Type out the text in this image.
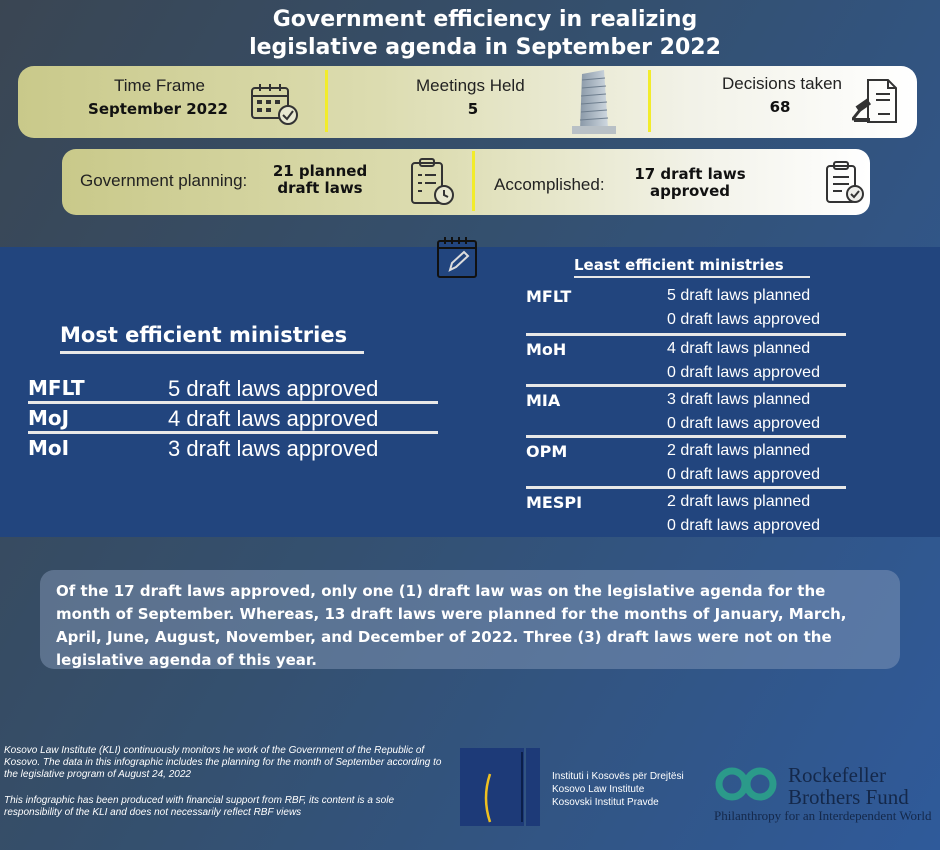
Government efficiency in realizing
legislative agenda in September 2022
Time Frame
September 2022
Meetings Held
5
Decisions taken
68
Government planning:	21 planned
draft laws	Accomplished:
17 draft laws
approved
Most efficient ministries
MFLT	5 draft laws approved
MoJ	4 draft laws approved
MoI	3 draft laws approved
Least efficient ministries
MFLT	5 draft laws planned
0 draft laws approved
MoH	4 draft laws planned
0 draft laws approved
MIA	3 draft laws planned
0 draft laws approved
OPM	2 draft laws planned
0 draft laws approved
MESPI	2 draft laws planned
0 draft laws approved
Of the 17 draft laws approved, only one (1) draft law was on the legislative agenda for the month of September. Whereas, 13 draft laws were planned for the months of January, March, April, June, August, November, and December of 2022. Three (3) draft laws were not on the legislative agenda of this year.
Kosovo Law Institute (KLI) continuously monitors he work of the Government of the Republic of Kosovo. The data in this infographic includes the planning for the month of September according to the legislative program of August 24, 2022
This infographic has been produced with financial support from RBF, its content is a sole responsibility of the KLI and does not necessarily reflect RBF views
Instituti i Kosovës për Drejtësi
Kosovo Law Institute
Kosovski Institut Pravde
Rockefeller
Brothers Fund
Philanthropy for an Interdependent World
